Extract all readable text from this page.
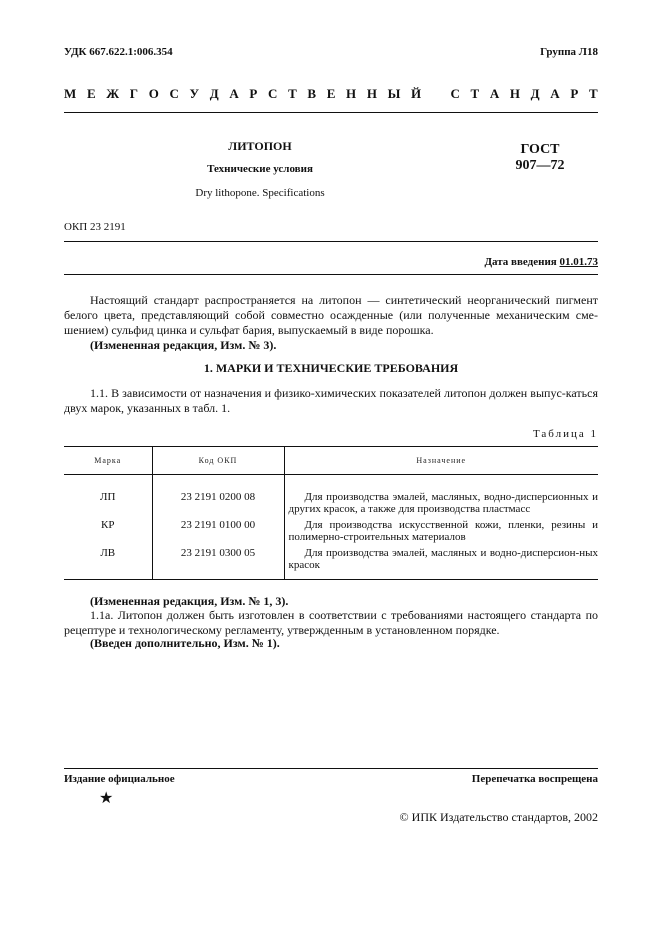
УДК 667.622.1:006.354	Группа Л18
М Е Ж Г О С У Д А Р С Т В Е Н Н Ы Й С Т А Н Д А Р Т
ЛИТОПОН
Технические условия
Dry lithopone. Specifications
ГОСТ
907—72
ОКП 23 2191
Дата введения 01.01.73
Настоящий стандарт распространяется на литопон — синтетический неорганический пигмент белого цвета, представляющий собой совместно осажденные (или полученные механическим сме-шением) сульфид цинка и сульфат бария, выпускаемый в виде порошка.
(Измененная редакция, Изм. № 3).
1. МАРКИ И ТЕХНИЧЕСКИЕ ТРЕБОВАНИЯ
1.1. В зависимости от назначения и физико-химических показателей литопон должен выпус-каться двух марок, указанных в табл. 1.
Таблица 1
Марка	Код ОКП	Назначение
ЛП	23 2191 0200 08	Для производства эмалей, масляных, водно-дисперсионных и других красок, а также для производства пластмасс
КР	23 2191 0100 00	Для производства искусственной кожи, пленки, резины и полимерно-строительных материалов
ЛВ	23 2191 0300 05	Для производства эмалей, масляных и водно-дисперсион-ных красок
(Измененная редакция, Изм. № 1, 3).
1.1а. Литопон должен быть изготовлен в соответствии с требованиями настоящего стандарта по рецептуре и технологическому регламенту, утвержденным в установленном порядке.
(Введен дополнительно, Изм. № 1).
Издание официальное	Перепечатка воспрещена
★
© ИПК Издательство стандартов, 2002
